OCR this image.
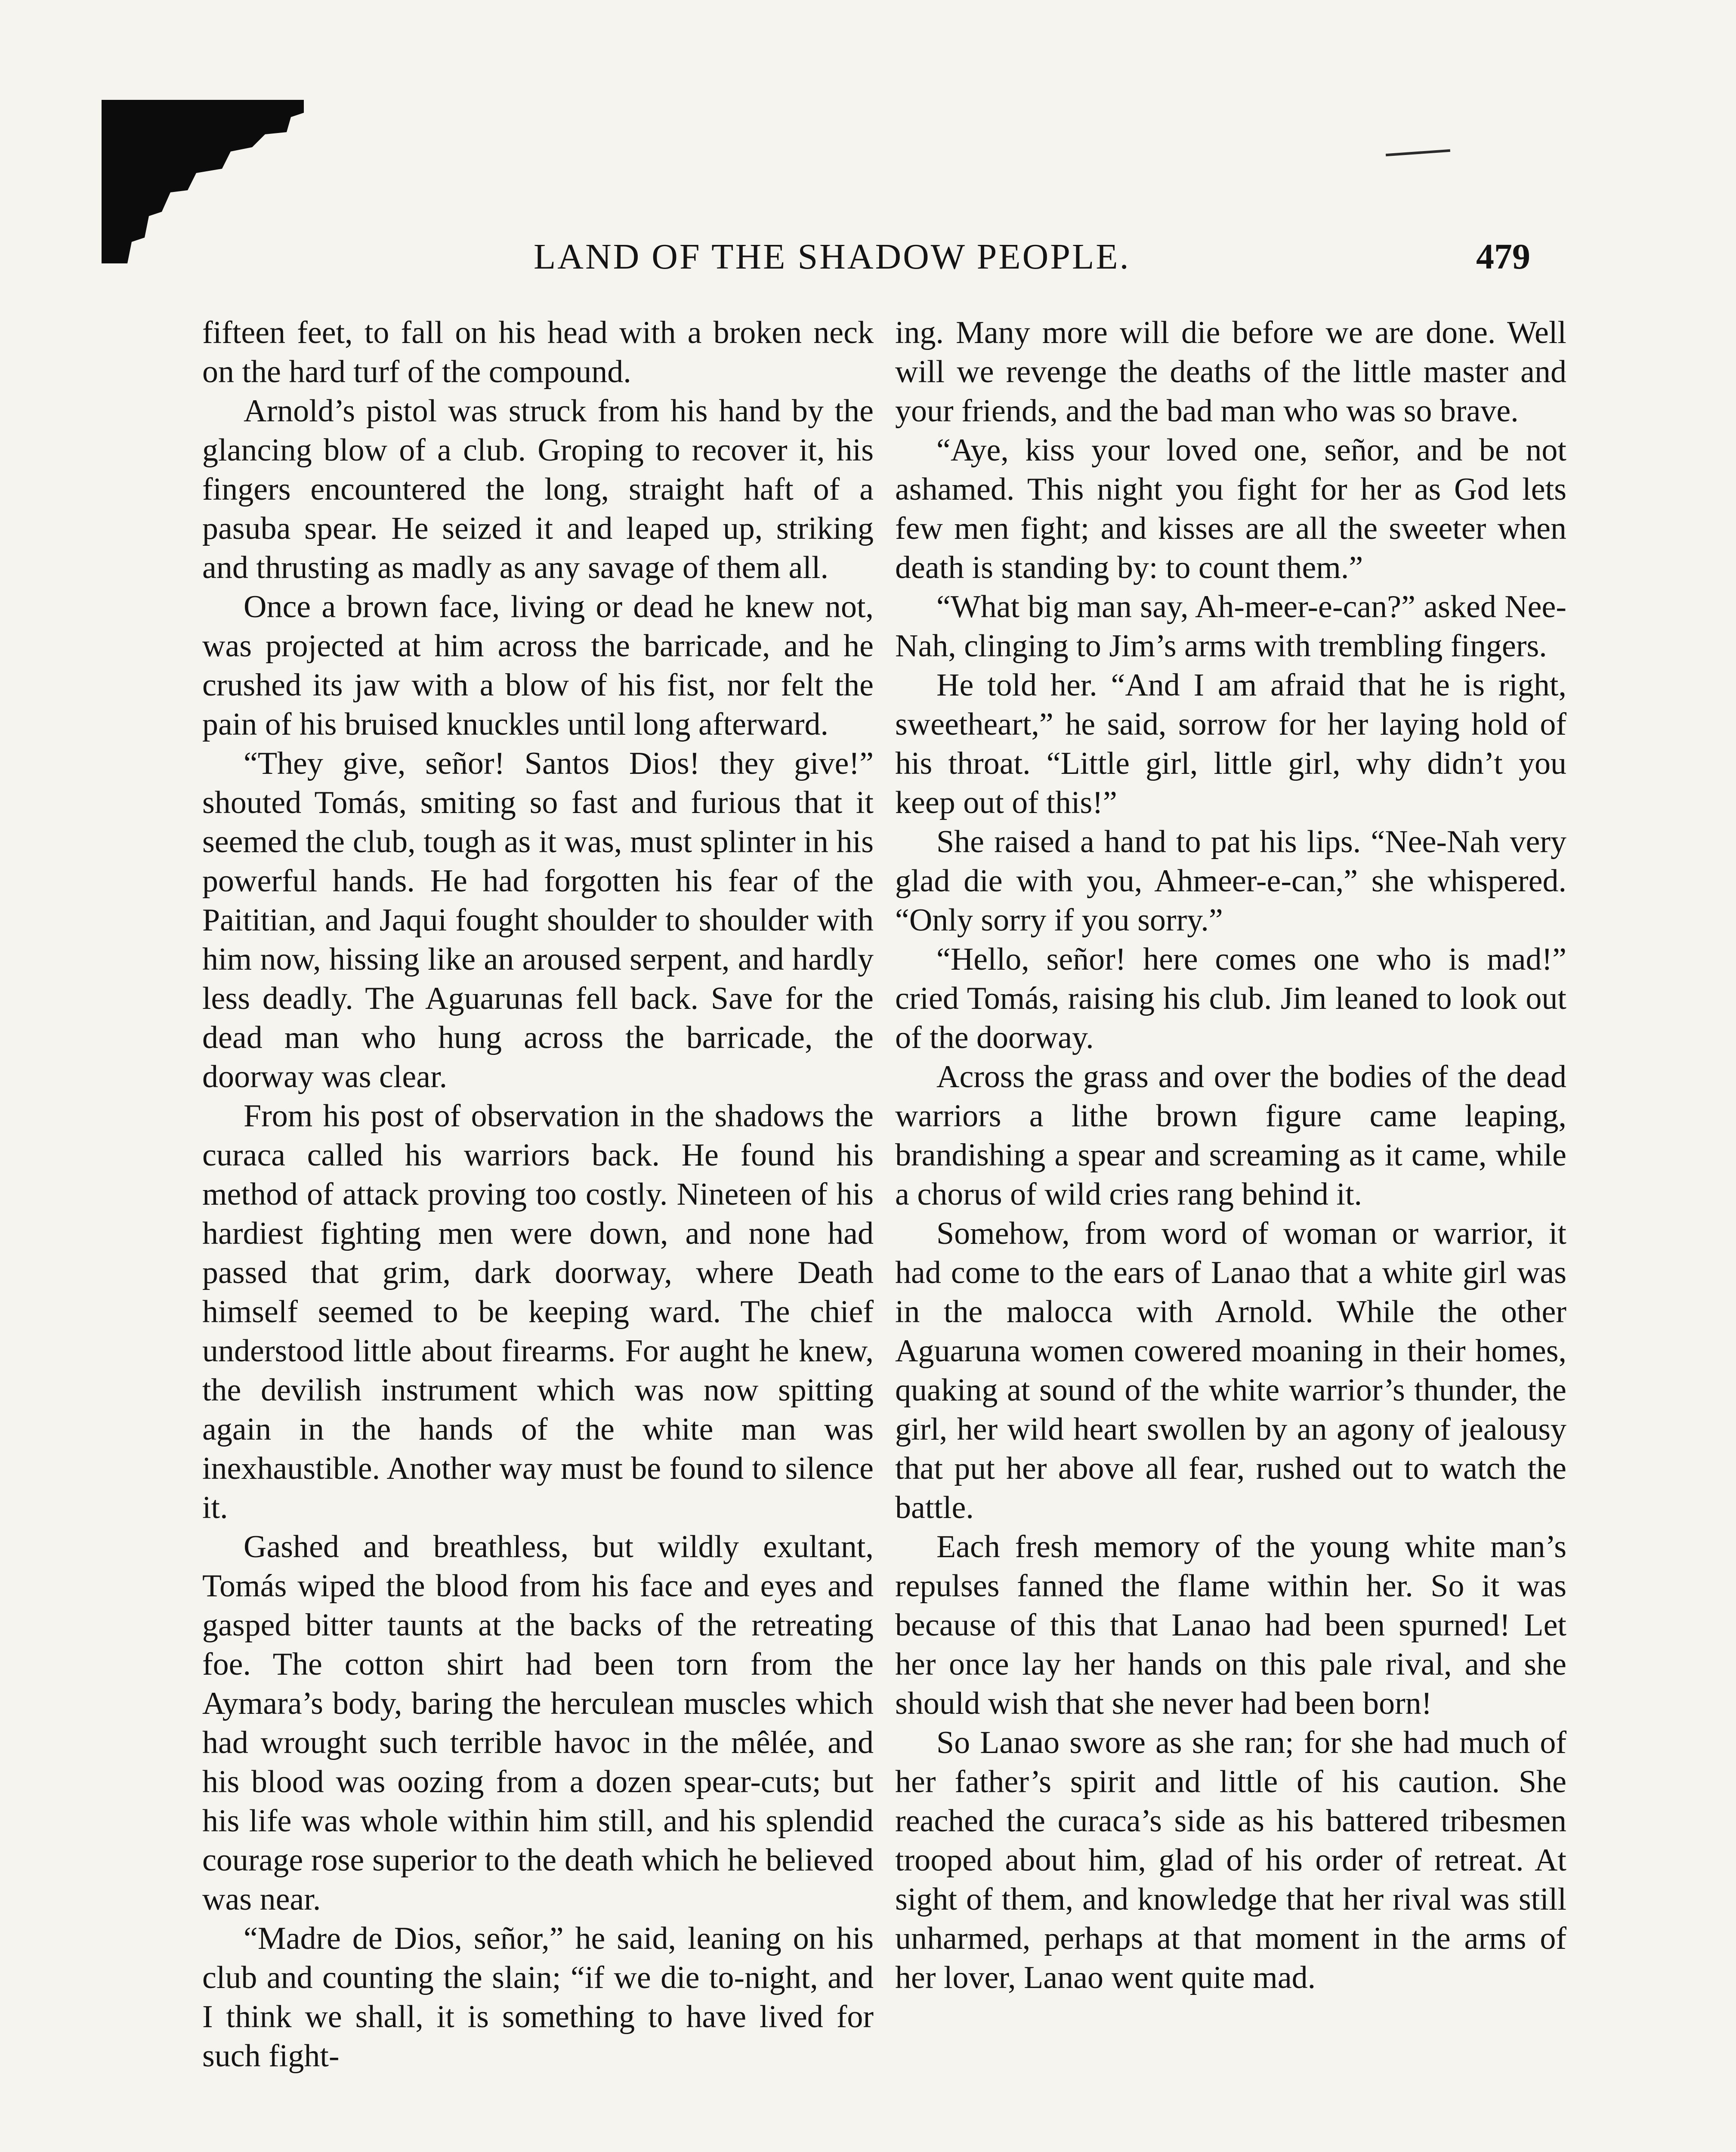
LAND OF THE SHADOW PEOPLE.	479

fifteen feet, to fall on his head with a broken neck on the hard turf of the compound.

Arnold’s pistol was struck from his hand by the glancing blow of a club. Groping to recover it, his fingers encountered the long, straight haft of a pasuba spear. He seized it and leaped up, striking and thrusting as madly as any savage of them all.

Once a brown face, living or dead he knew not, was projected at him across the barricade, and he crushed its jaw with a blow of his fist, nor felt the pain of his bruised knuckles until long afterward.

“They give, señor! Santos Dios! they give!” shouted Tomás, smiting so fast and furious that it seemed the club, tough as it was, must splinter in his powerful hands. He had forgotten his fear of the Paititian, and Jaqui fought shoulder to shoulder with him now, hissing like an aroused serpent, and hardly less deadly. The Aguarunas fell back. Save for the dead man who hung across the barricade, the doorway was clear.

From his post of observation in the shadows the curaca called his warriors back. He found his method of attack proving too costly. Nineteen of his hardiest fighting men were down, and none had passed that grim, dark doorway, where Death himself seemed to be keeping ward. The chief understood little about firearms. For aught he knew, the devilish instrument which was now spitting again in the hands of the white man was inexhaustible. Another way must be found to silence it.

Gashed and breathless, but wildly exultant, Tomás wiped the blood from his face and eyes and gasped bitter taunts at the backs of the retreating foe. The cotton shirt had been torn from the Aymara’s body, baring the herculean muscles which had wrought such terrible havoc in the mêlée, and his blood was oozing from a dozen spear-cuts; but his life was whole within him still, and his splendid courage rose superior to the death which he believed was near.

“Madre de Dios, señor,” he said, leaning on his club and counting the slain; “if we die to-night, and I think we shall, it is something to have lived for such fight-

ing. Many more will die before we are done. Well will we revenge the deaths of the little master and your friends, and the bad man who was so brave.

“Aye, kiss your loved one, señor, and be not ashamed. This night you fight for her as God lets few men fight; and kisses are all the sweeter when death is standing by: to count them.”

“What big man say, Ah-meer-e-can?” asked Nee-Nah, clinging to Jim’s arms with trembling fingers.

He told her. “And I am afraid that he is right, sweetheart,” he said, sorrow for her laying hold of his throat. “Little girl, little girl, why didn’t you keep out of this!”

She raised a hand to pat his lips. “Nee-Nah very glad die with you, Ahmeer-e-can,” she whispered. “Only sorry if you sorry.”

“Hello, señor! here comes one who is mad!” cried Tomás, raising his club. Jim leaned to look out of the doorway.

Across the grass and over the bodies of the dead warriors a lithe brown figure came leaping, brandishing a spear and screaming as it came, while a chorus of wild cries rang behind it.

Somehow, from word of woman or warrior, it had come to the ears of Lanao that a white girl was in the malocca with Arnold. While the other Aguaruna women cowered moaning in their homes, quaking at sound of the white warrior’s thunder, the girl, her wild heart swollen by an agony of jealousy that put her above all fear, rushed out to watch the battle.

Each fresh memory of the young white man’s repulses fanned the flame within her. So it was because of this that Lanao had been spurned! Let her once lay her hands on this pale rival, and she should wish that she never had been born!

So Lanao swore as she ran; for she had much of her father’s spirit and little of his caution. She reached the curaca’s side as his battered tribesmen trooped about him, glad of his order of retreat. At sight of them, and knowledge that her rival was still unharmed, perhaps at that moment in the arms of her lover, Lanao went quite mad.
